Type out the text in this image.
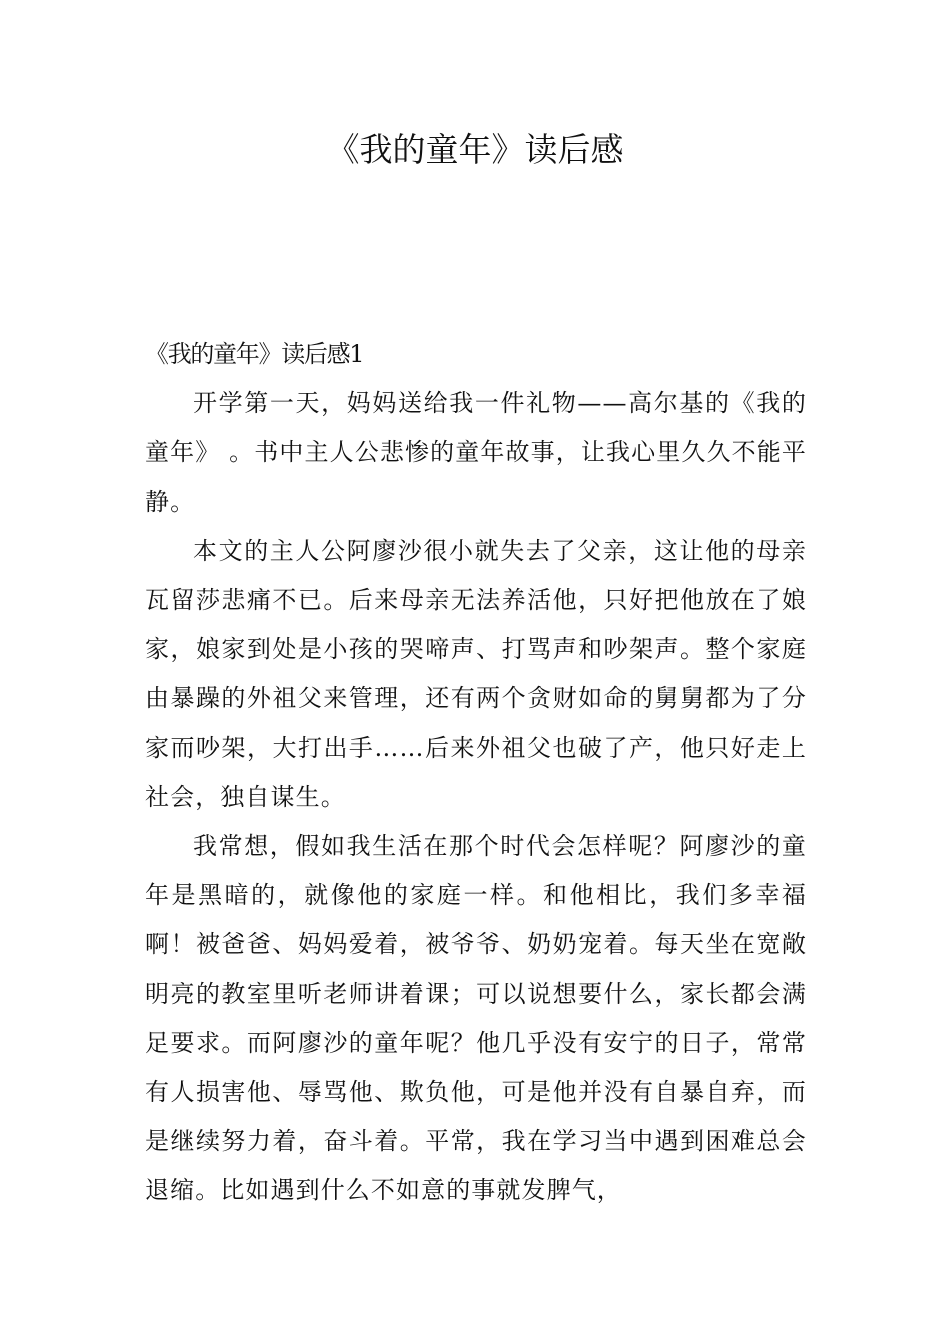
《我的童年》读后感

《我的童年》读后感1

开学第一天，妈妈送给我一件礼物——高尔基的《我的童年》 。书中主人公悲惨的童年故事，让我心里久久不能平静。

本文的主人公阿廖沙很小就失去了父亲，这让他的母亲瓦留莎悲痛不已。后来母亲无法养活他，只好把他放在了娘家，娘家到处是小孩的哭啼声、打骂声和吵架声。整个家庭由暴躁的外祖父来管理，还有两个贪财如命的舅舅都为了分家而吵架，大打出手……后来外祖父也破了产，他只好走上社会，独自谋生。

我常想，假如我生活在那个时代会怎样呢？阿廖沙的童年是黑暗的，就像他的家庭一样。和他相比，我们多幸福啊！被爸爸、妈妈爱着，被爷爷、奶奶宠着。每天坐在宽敞明亮的教室里听老师讲着课；可以说想要什么，家长都会满足要求。而阿廖沙的童年呢？他几乎没有安宁的日子，常常有人损害他、辱骂他、欺负他，可是他并没有自暴自弃，而是继续努力着，奋斗着。平常，我在学习当中遇到困难总会退缩。比如遇到什么不如意的事就发脾气，
